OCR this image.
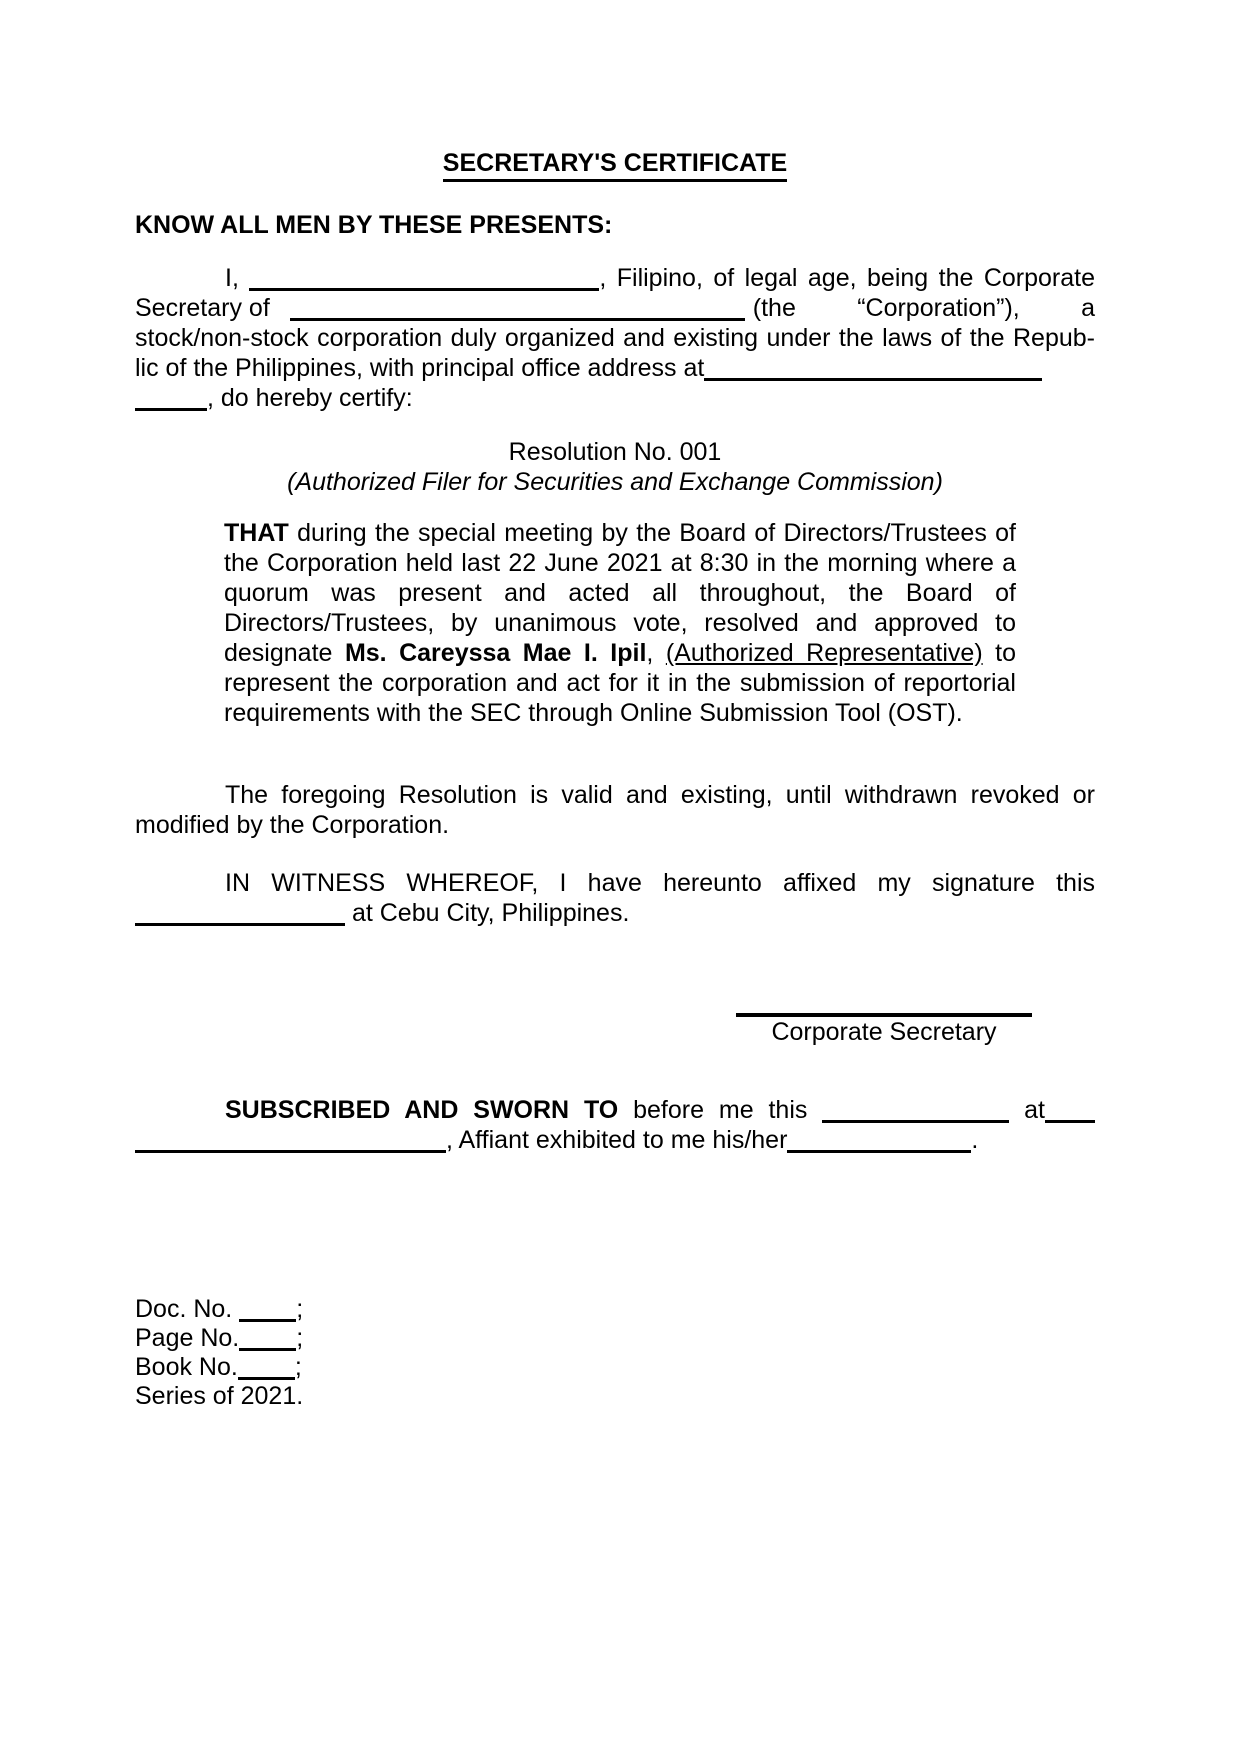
SECRETARY'S CERTIFICATE
KNOW ALL MEN BY THESE PRESENTS:
I,	, Filipino, of legal age, being the Corporate
Secretary of	(the “Corporation”), a
stock/non-stock corporation duly organized and existing under the laws of the Repub-
lic of the Philippines, with principal office address at
, do hereby certify:
Resolution No. 001
(Authorized Filer for Securities and Exchange Commission)
THAT during the special meeting by the Board of Directors/Trustees of
the Corporation held last 22 June 2021 at 8:30 in the morning where a
quorum was present and acted all throughout, the Board of
Directors/Trustees, by unanimous vote, resolved and approved to
designate Ms. Careyssa Mae I. Ipil, (Authorized Representative) to
represent the corporation and act for it in the submission of reportorial
requirements with the SEC through Online Submission Tool (OST).
The foregoing Resolution is valid and existing, until withdrawn revoked or
modified by the Corporation.
IN WITNESS WHEREOF, I have hereunto affixed my signature this
at Cebu City, Philippines.
Corporate Secretary
SUBSCRIBED AND SWORN TO before me this	at
, Affiant exhibited to me his/her	.
Doc. No.	;
Page No. ;
Book No. ;
Series of 2021.
